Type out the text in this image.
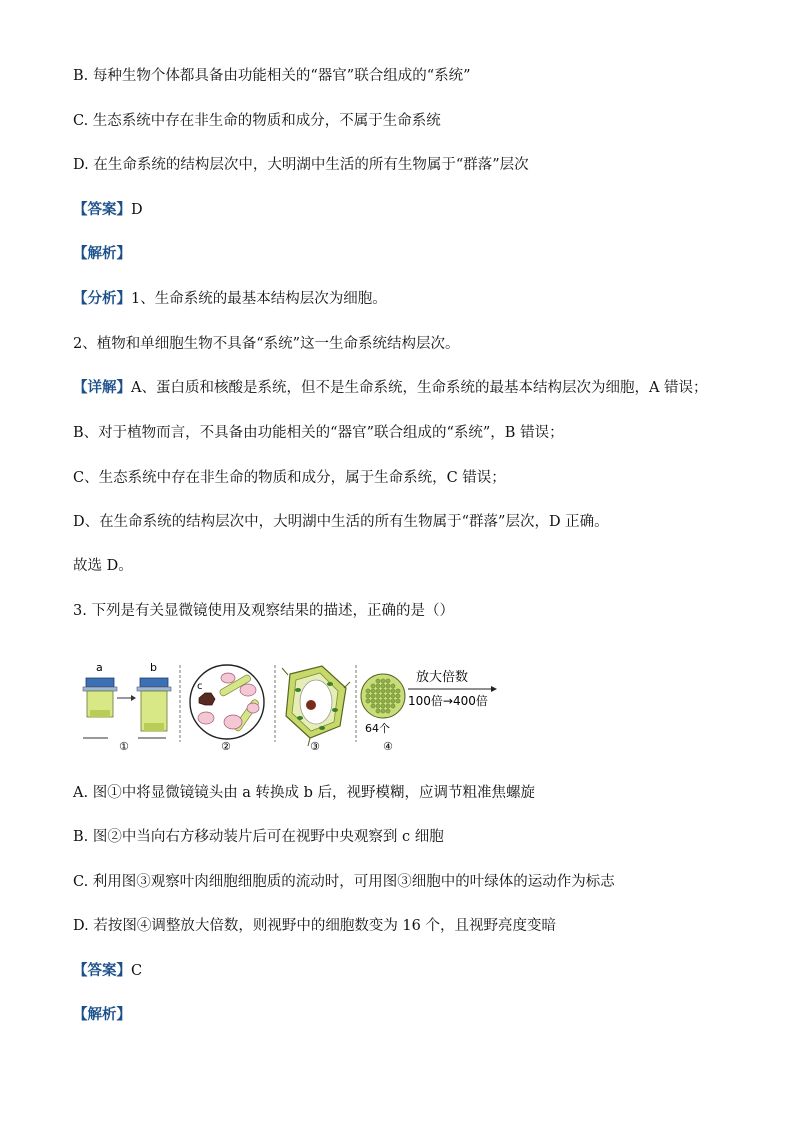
B. 每种生物个体都具备由功能相关的“器官”联合组成的“系统”
C. 生态系统中存在非生命的物质和成分，不属于生命系统
D. 在生命系统的结构层次中，大明湖中生活的所有生物属于“群落”层次
【答案】D
【解析】
【分析】1、生命系统的最基本结构层次为细胞。
2、植物和单细胞生物不具备“系统”这一生命系统结构层次。
【详解】A、蛋白质和核酸是系统，但不是生命系统，生命系统的最基本结构层次为细胞，A 错误；
B、对于植物而言，不具备由功能相关的“器官”联合组成的“系统”，B 错误；
C、生态系统中存在非生命的物质和成分，属于生命系统，C 错误；
D、在生命系统的结构层次中，大明湖中生活的所有生物属于“群落”层次，D 正确。
故选 D。
3. 下列是有关显微镜使用及观察结果的描述，正确的是（）
a	b
①
c
②	③
64个
放大倍数
100倍→400倍
④
A. 图①中将显微镜镜头由 a 转换成 b 后，视野模糊，应调节粗准焦螺旋
B. 图②中当向右方移动装片后可在视野中央观察到 c 细胞
C. 利用图③观察叶肉细胞细胞质的流动时，可用图③细胞中的叶绿体的运动作为标志
D. 若按图④调整放大倍数，则视野中的细胞数变为 16 个，且视野亮度变暗
【答案】C
【解析】
